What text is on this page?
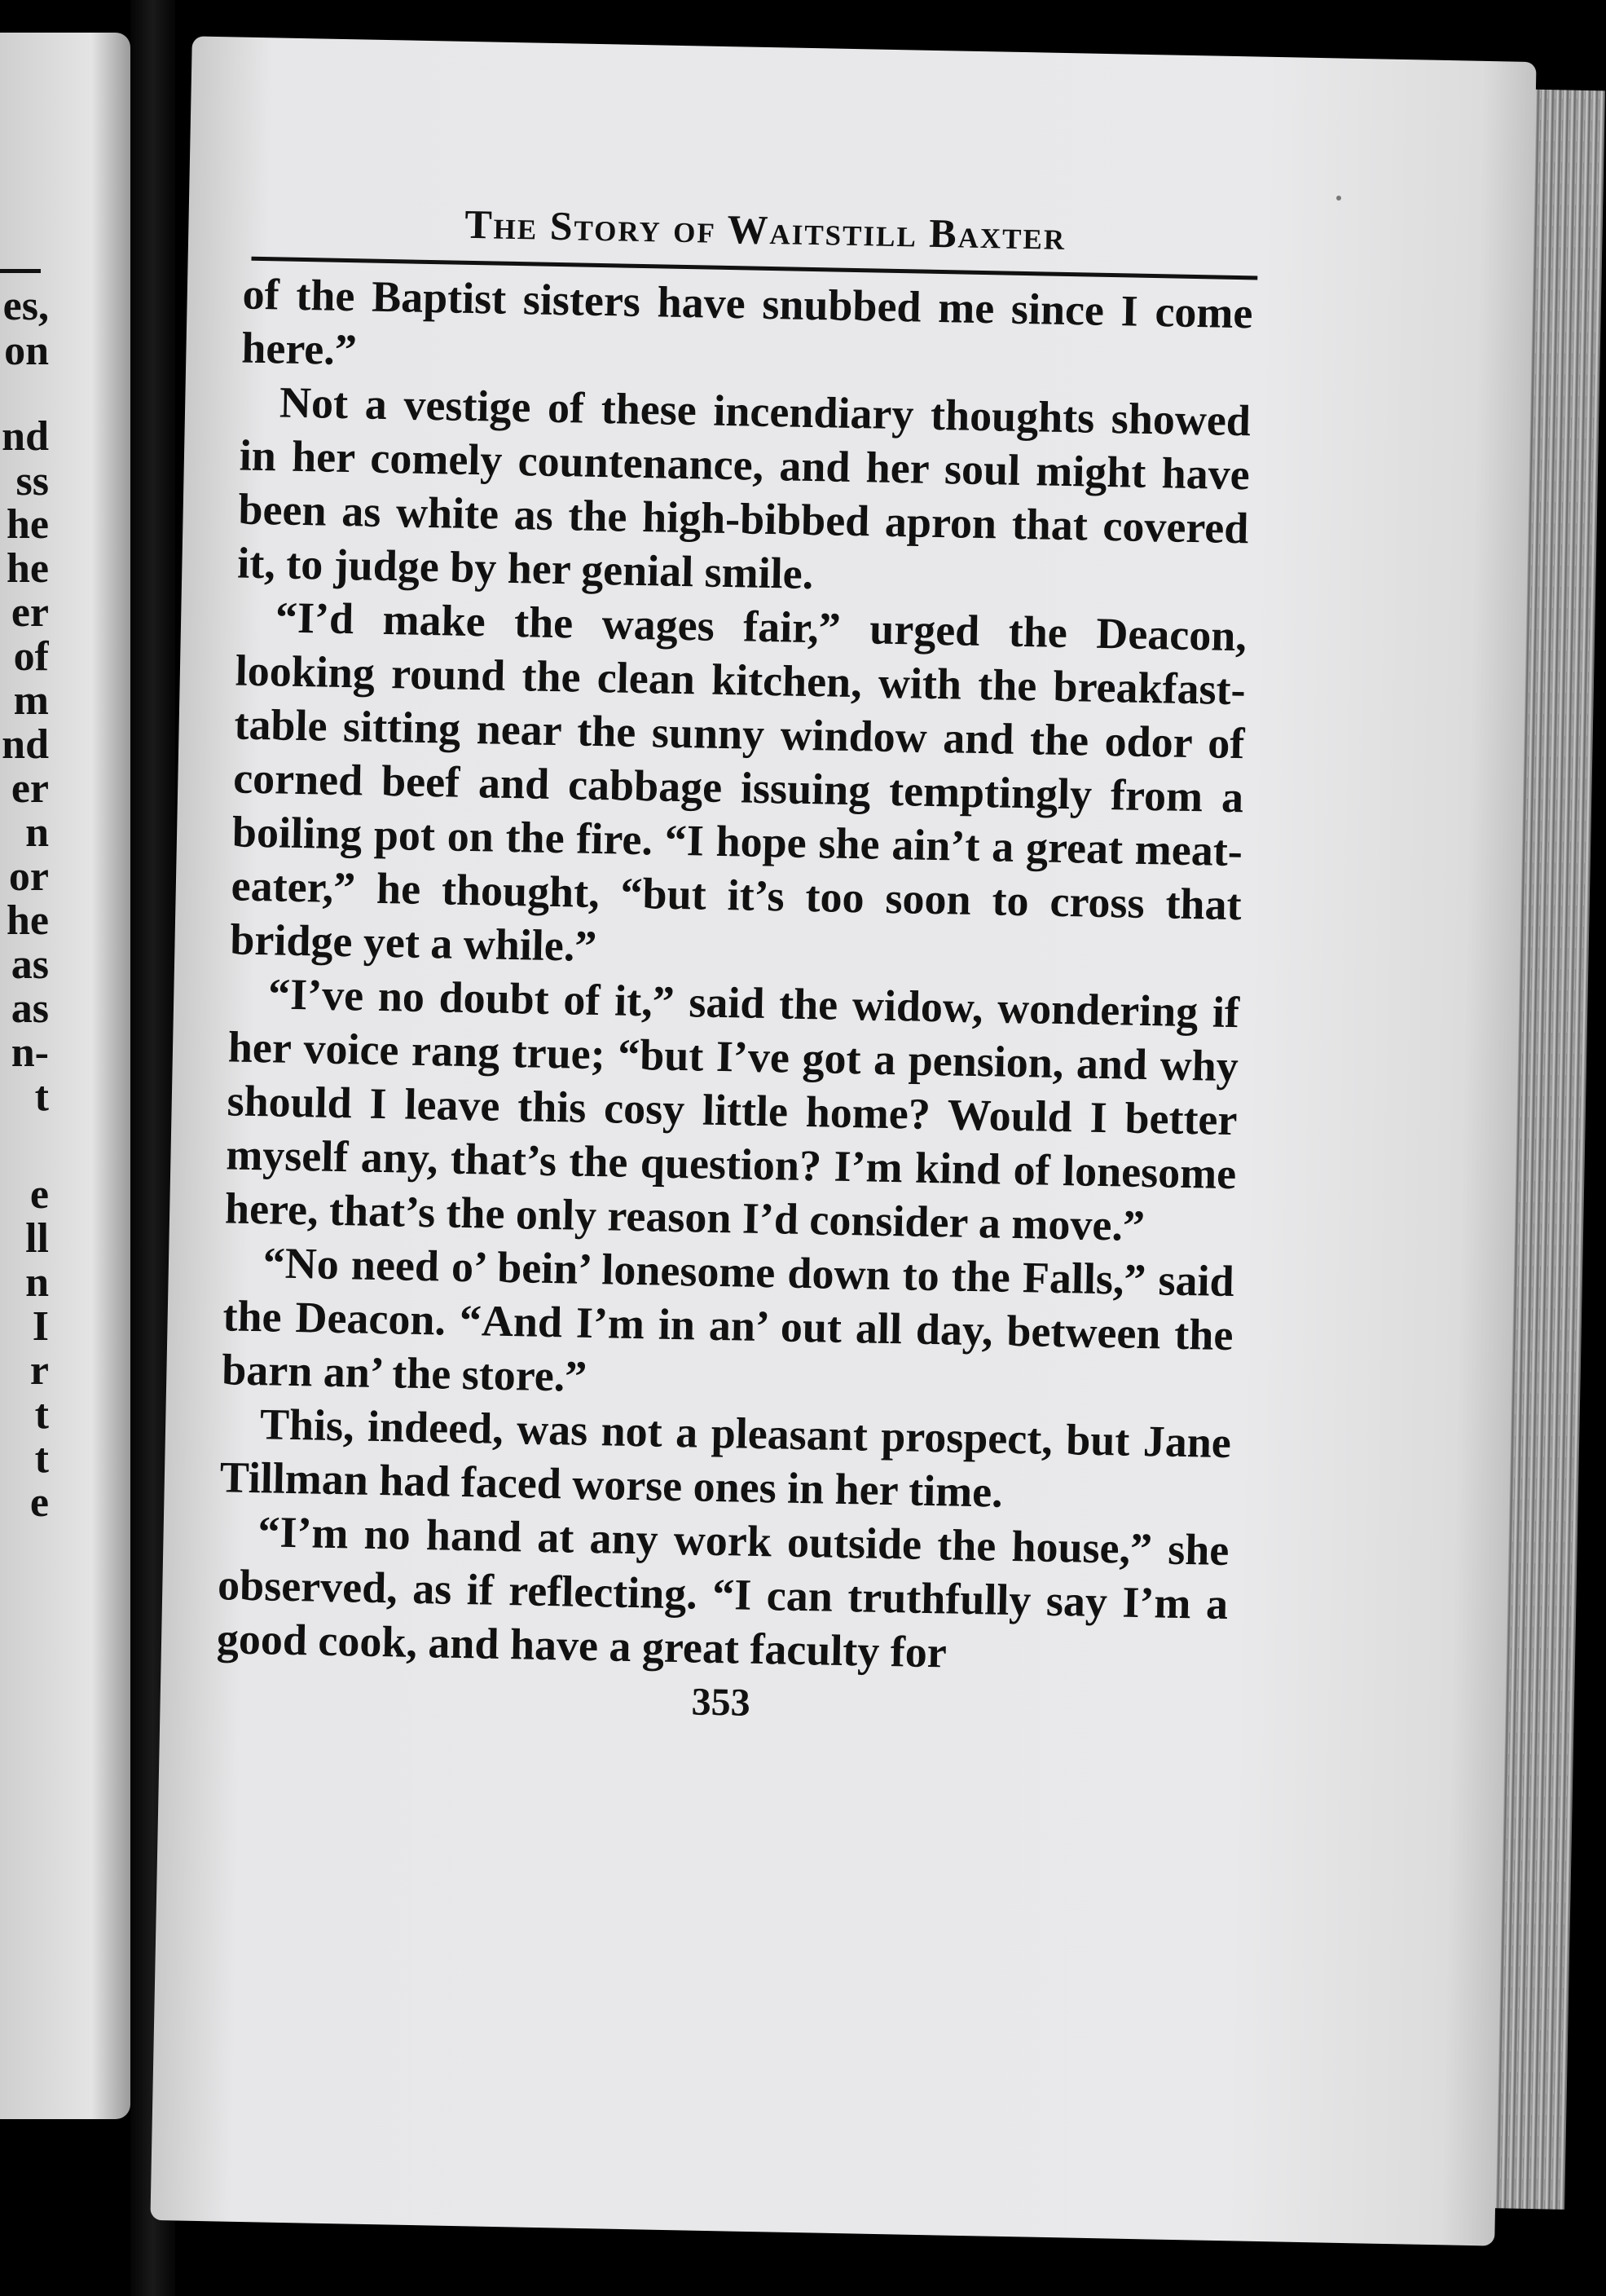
es,
on
nd
ss
he
he
er
of
m
nd
er
n
or
he
as
as
n-
t
e
ll
n
I
r
t
t
e
The Story of Waitstill Baxter

of the Baptist sisters have snubbed me since I come here.”

Not a vestige of these incendiary thoughts showed in her comely countenance, and her soul might have been as white as the high-bibbed apron that covered it, to judge by her genial smile.

“I’d make the wages fair,” urged the Deacon, looking round the clean kitchen, with the breakfast-table sitting near the sunny window and the odor of corned beef and cabbage issuing temptingly from a boiling pot on the fire. “I hope she ain’t a great meat-eater,” he thought, “but it’s too soon to cross that bridge yet a while.”

“I’ve no doubt of it,” said the widow, wondering if her voice rang true; “but I’ve got a pension, and why should I leave this cosy little home? Would I better myself any, that’s the question? I’m kind of lonesome here, that’s the only reason I’d consider a move.”

“No need o’ bein’ lonesome down to the Falls,” said the Deacon. “And I’m in an’ out all day, between the barn an’ the store.”

This, indeed, was not a pleasant prospect, but Jane Tillman had faced worse ones in her time.

“I’m no hand at any work outside the house,” she observed, as if reflecting. “I can truthfully say I’m a good cook, and have a great faculty for

353
